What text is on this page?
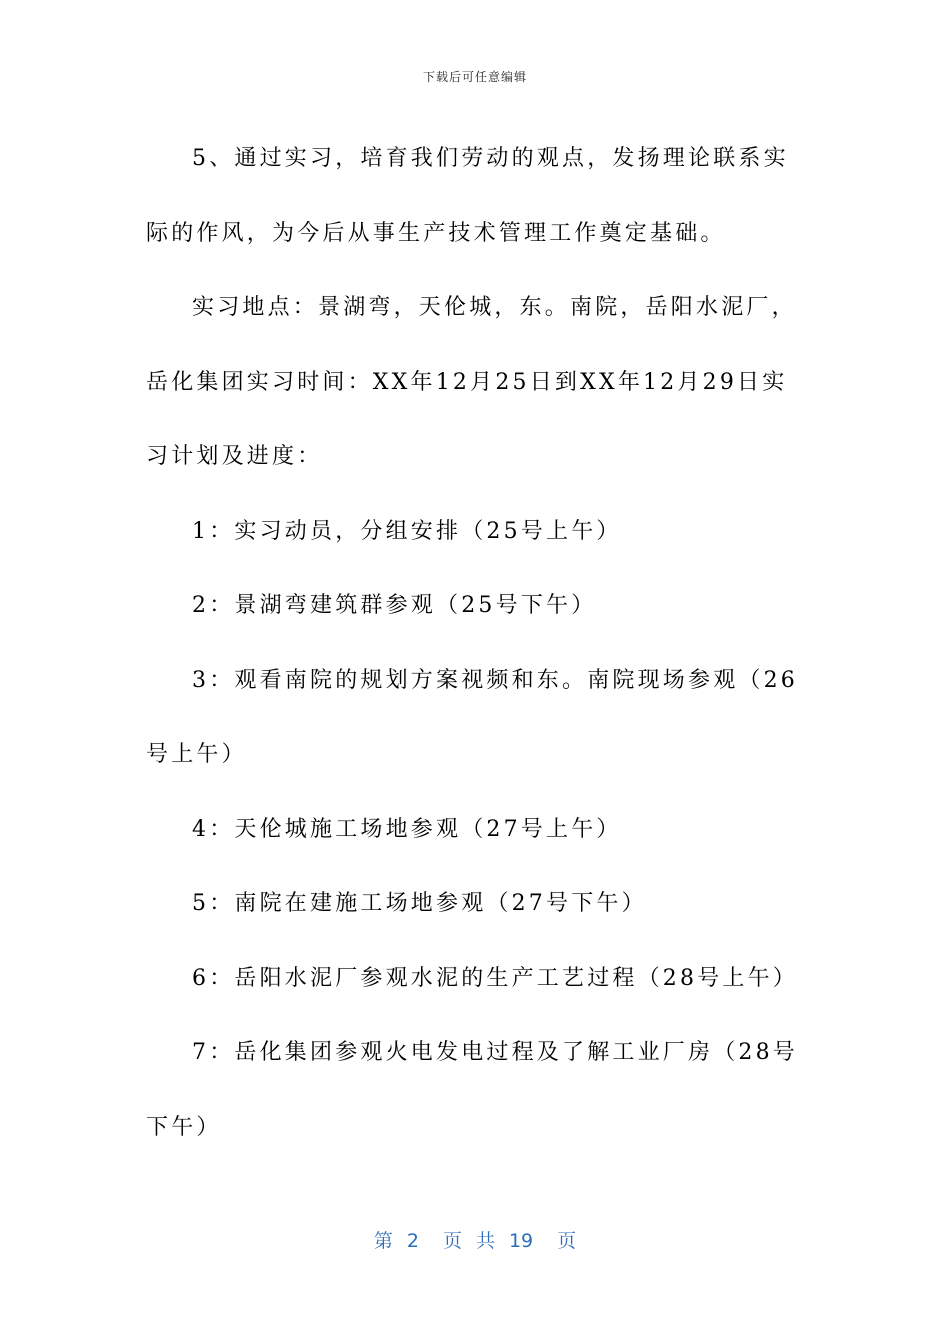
下载后可任意编辑

5、通过实习，培育我们劳动的观点，发扬理论联系实际的作风，为今后从事生产技术管理工作奠定基础。

实习地点：景湖弯，天伦城，东。南院，岳阳水泥厂，岳化集团实习时间：XX年12月25日到XX年12月29日实习计划及进度：

1：实习动员，分组安排（25号上午）

2：景湖弯建筑群参观（25号下午）

3：观看南院的规划方案视频和东。南院现场参观（26号上午）

4：天伦城施工场地参观（27号上午）

5：南院在建施工场地参观（27号下午）

6：岳阳水泥厂参观水泥的生产工艺过程（28号上午）

7：岳化集团参观火电发电过程及了解工业厂房（28号下午）

第 2 页 共 19 页
